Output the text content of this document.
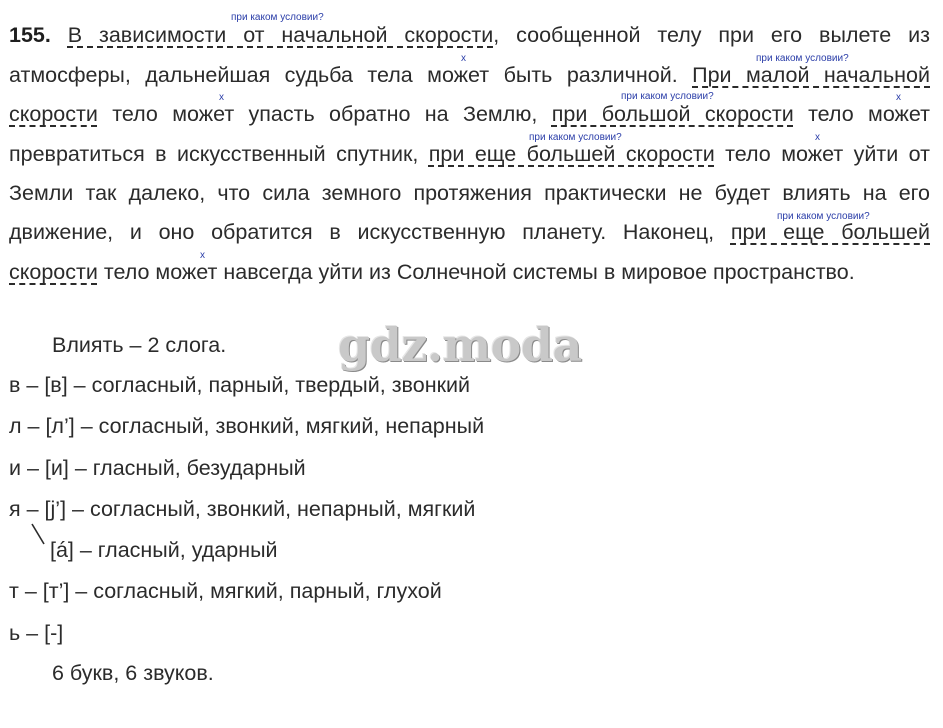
155. В зависимости от начальной скорости, сообщенной телу при его вылете из
атмосферы, дальнейшая судьба тела может быть различной. При малой начальной
скорости тело может упасть обратно на Землю, при большой скорости тело может
превратиться в искусственный спутник, при еще большей скорости тело может уйти от
Земли так далеко, что сила земного протяжения практически не будет влиять на его
движение, и оно обратится в искусственную планету. Наконец, при еще большей
скорости тело может навсегда уйти из Солнечной системы в мировое пространство.
при каком условии?
х	при каком условии?
х	при каком условии?	х
при каком условии?	х
при каком условии?
х
gdz.moda
Влиять – 2 слога.
в – [в] – согласный, парный, твердый, звонкий
л – [л’] – согласный, звонкий, мягкий, непарный
и – [и] – гласный, безударный
я – [j’] – согласный, звонкий, непарный, мягкий
[á] – гласный, ударный
т – [т’] – согласный, мягкий, парный, глухой
ь – [-]
6 букв, 6 звуков.
